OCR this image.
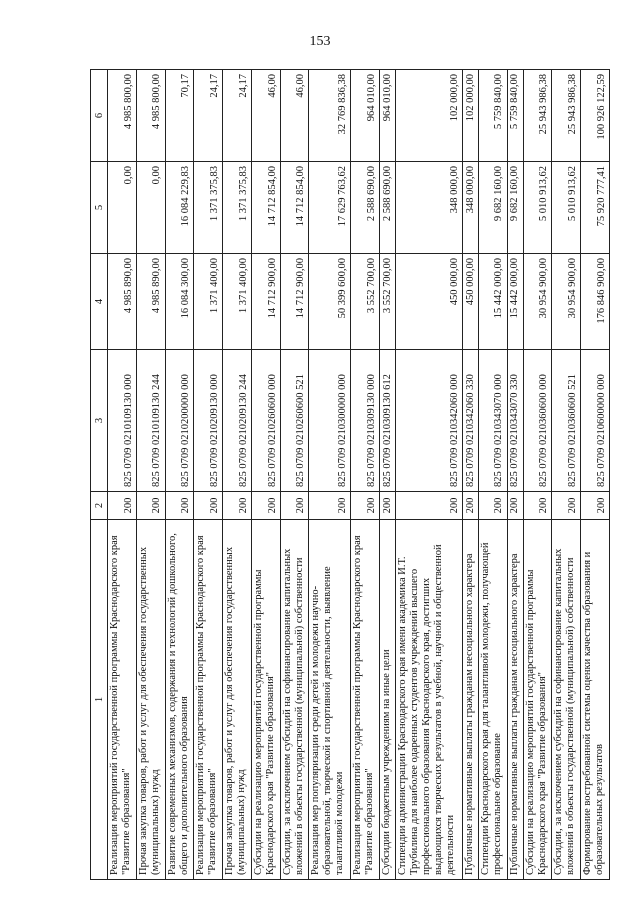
153
1	2	3	4	5	6
Реализация мероприятий государственной программы Краснодарского края "Развитие образования"	200	825 0709 0210109130 000	4 985 890,00	0,00	4 985 800,00
Прочая закупка товаров, работ и услуг для обеспечения государственных (муниципальных) нужд	200	825 0709 0210109130 244	4 985 890,00	0,00	4 985 800,00
Развитие современных механизмов, содержания и технологий дошкольного, общего и дополнительного образования	200	825 0709 0210200000 000	16 084 300,00	16 084 229,83	70,17
Реализация мероприятий государственной программы Краснодарского края "Развитие образования"	200	825 0709 0210209130 000	1 371 400,00	1 371 375,83	24,17
Прочая закупка товаров, работ и услуг для обеспечения государственных (муниципальных) нужд	200	825 0709 0210209130 244	1 371 400,00	1 371 375,83	24,17
Субсидии на реализацию мероприятий государственной программы Краснодарского края "Развитие образования"	200	825 0709 0210260600 000	14 712 900,00	14 712 854,00	46,00
Субсидии, за исключением субсидий на софинансирование капитальных вложений в объекты государственной (муниципальной) собственности	200	825 0709 0210260600 521	14 712 900,00	14 712 854,00	46,00
Реализация мер популяризации среди детей и молодежи научно-образовательной, творческой и спортивной деятельности, выявление талантливой молодежи	200	825 0709 0210300000 000	50 399 600,00	17 629 763,62	32 769 836,38
Реализация мероприятий государственной программы Краснодарского края "Развитие образования"	200	825 0709 0210309130 000	3 552 700,00	2 588 690,00	964 010,00
Субсидии бюджетным учреждениям на иные цели	200	825 0709 0210309130 612	3 552 700,00	2 588 690,00	964 010,00
Стипендии администрации Краснодарского края имени академика И.Т. Трубилина для наиболее одаренных студентов учреждений высшего профессионального образования Краснодарского края, достигших выдающихся творческих результатов в учебной, научной и общественной деятельности	200	825 0709 0210342060 000	450 000,00	348 000,00	102 000,00
Публичные нормативные выплаты гражданам несоциального характера	200	825 0709 0210342060 330	450 000,00	348 000,00	102 000,00
Стипендии Краснодарского края для талантливой молодежи, получающей профессиональное образование	200	825 0709 0210343070 000	15 442 000,00	9 682 160,00	5 759 840,00
Публичные нормативные выплаты гражданам несоциального характера	200	825 0709 0210343070 330	15 442 000,00	9 682 160,00	5 759 840,00
Субсидии на реализацию мероприятий государственной программы Краснодарского края "Развитие образования"	200	825 0709 0210360600 000	30 954 900,00	5 010 913,62	25 943 986,38
Субсидии, за исключением субсидий на софинансирование капитальных вложений в объекты государственной (муниципальной) собственности	200	825 0709 0210360600 521	30 954 900,00	5 010 913,62	25 943 986,38
Формирование востребованной системы оценки качества образования и образовательных результатов	200	825 0709 0210600000 000	176 846 900,00	75 920 777,41	100 926 122,59
